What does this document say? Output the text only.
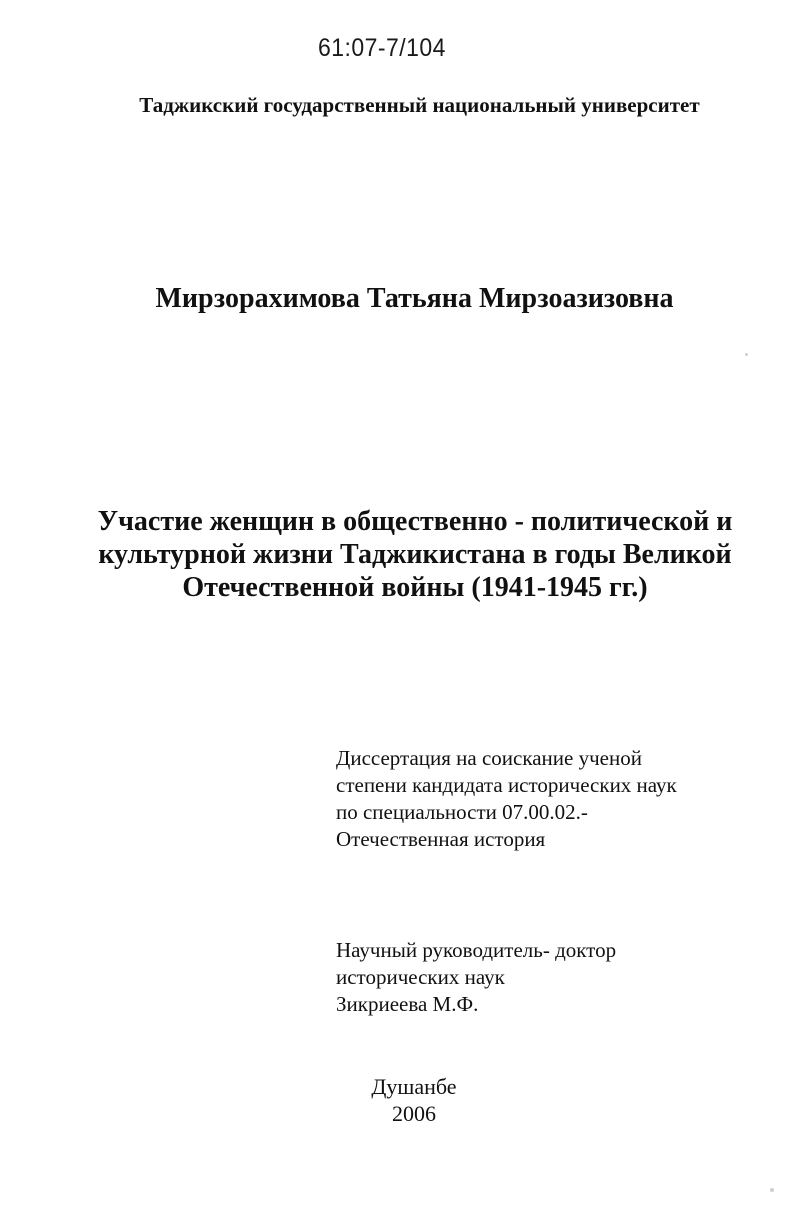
61:07-7/104
Таджикский государственный национальный университет
Мирзорахимова Татьяна Мирзоазизовна
Участие женщин в общественно - политической и
культурной жизни Таджикистана в годы Великой
Отечественной войны (1941-1945 гг.)
Диссертация на соискание ученой
степени кандидата исторических наук
по специальности 07.00.02.-
Отечественная история
Научный руководитель- доктор
исторических наук
Зикриеева М.Ф.
Душанбе
2006
